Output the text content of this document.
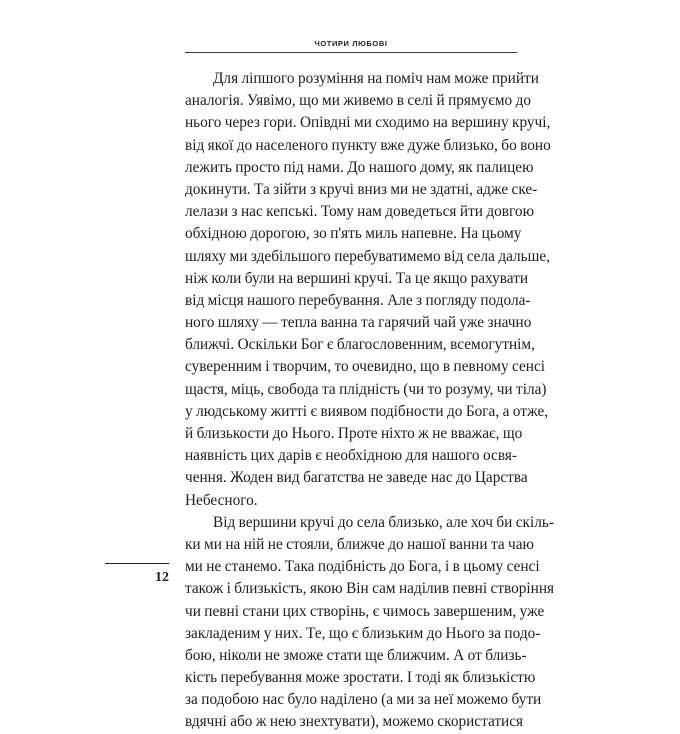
ЧОТИРИ ЛЮБОВІ
Для ліпшого розуміння на поміч нам може прийти
аналогія. Уявімо, що ми живемо в селі й прямуємо до
нього через гори. Опівдні ми сходимо на вершину кручі,
від якої до населеного пункту вже дуже близько, бо воно
лежить просто під нами. До нашого дому, як палицею
докинути. Та зійти з кручі вниз ми не здатні, адже ске-
лелази з нас кепські. Тому нам доведеться йти довгою
обхідною дорогою, зо п'ять миль напевне. На цьому
шляху ми здебільшого перебуватимемо від села дальше,
ніж коли були на вершині кручі. Та це якщо рахувати
від місця нашого перебування. Але з погляду подола-
ного шляху — тепла ванна та гарячий чай уже значно
ближчі. Оскільки Бог є благословенним, всемогутнім,
суверенним і творчим, то очевидно, що в певному сенсі
щастя, міць, свобода та плідність (чи то розуму, чи тіла)
у людському житті є виявом подібности до Бога, а отже,
й близькости до Нього. Проте ніхто ж не вважає, що
наявність цих дарів є необхідною для нашого освя-
чення. Жоден вид багатства не заведе нас до Царства
Небесного.
Від вершини кручі до села близько, але хоч би скіль-
ки ми на ній не стояли, ближче до нашої ванни та чаю
ми не станемо. Така подібність до Бога, і в цьому сенсі
також і близькість, якою Він сам наділив певні створіння
чи певні стани цих створінь, є чимось завершеним, уже
закладеним у них. Те, що є близьким до Нього за подо-
бою, ніколи не зможе стати ще ближчим. А от близь-
кість перебування може зростати. І тоді як близькістю
за подобою нас було наділено (а ми за неї можемо бути
вдячні або ж нею знехтувати), можемо скористатися
12
